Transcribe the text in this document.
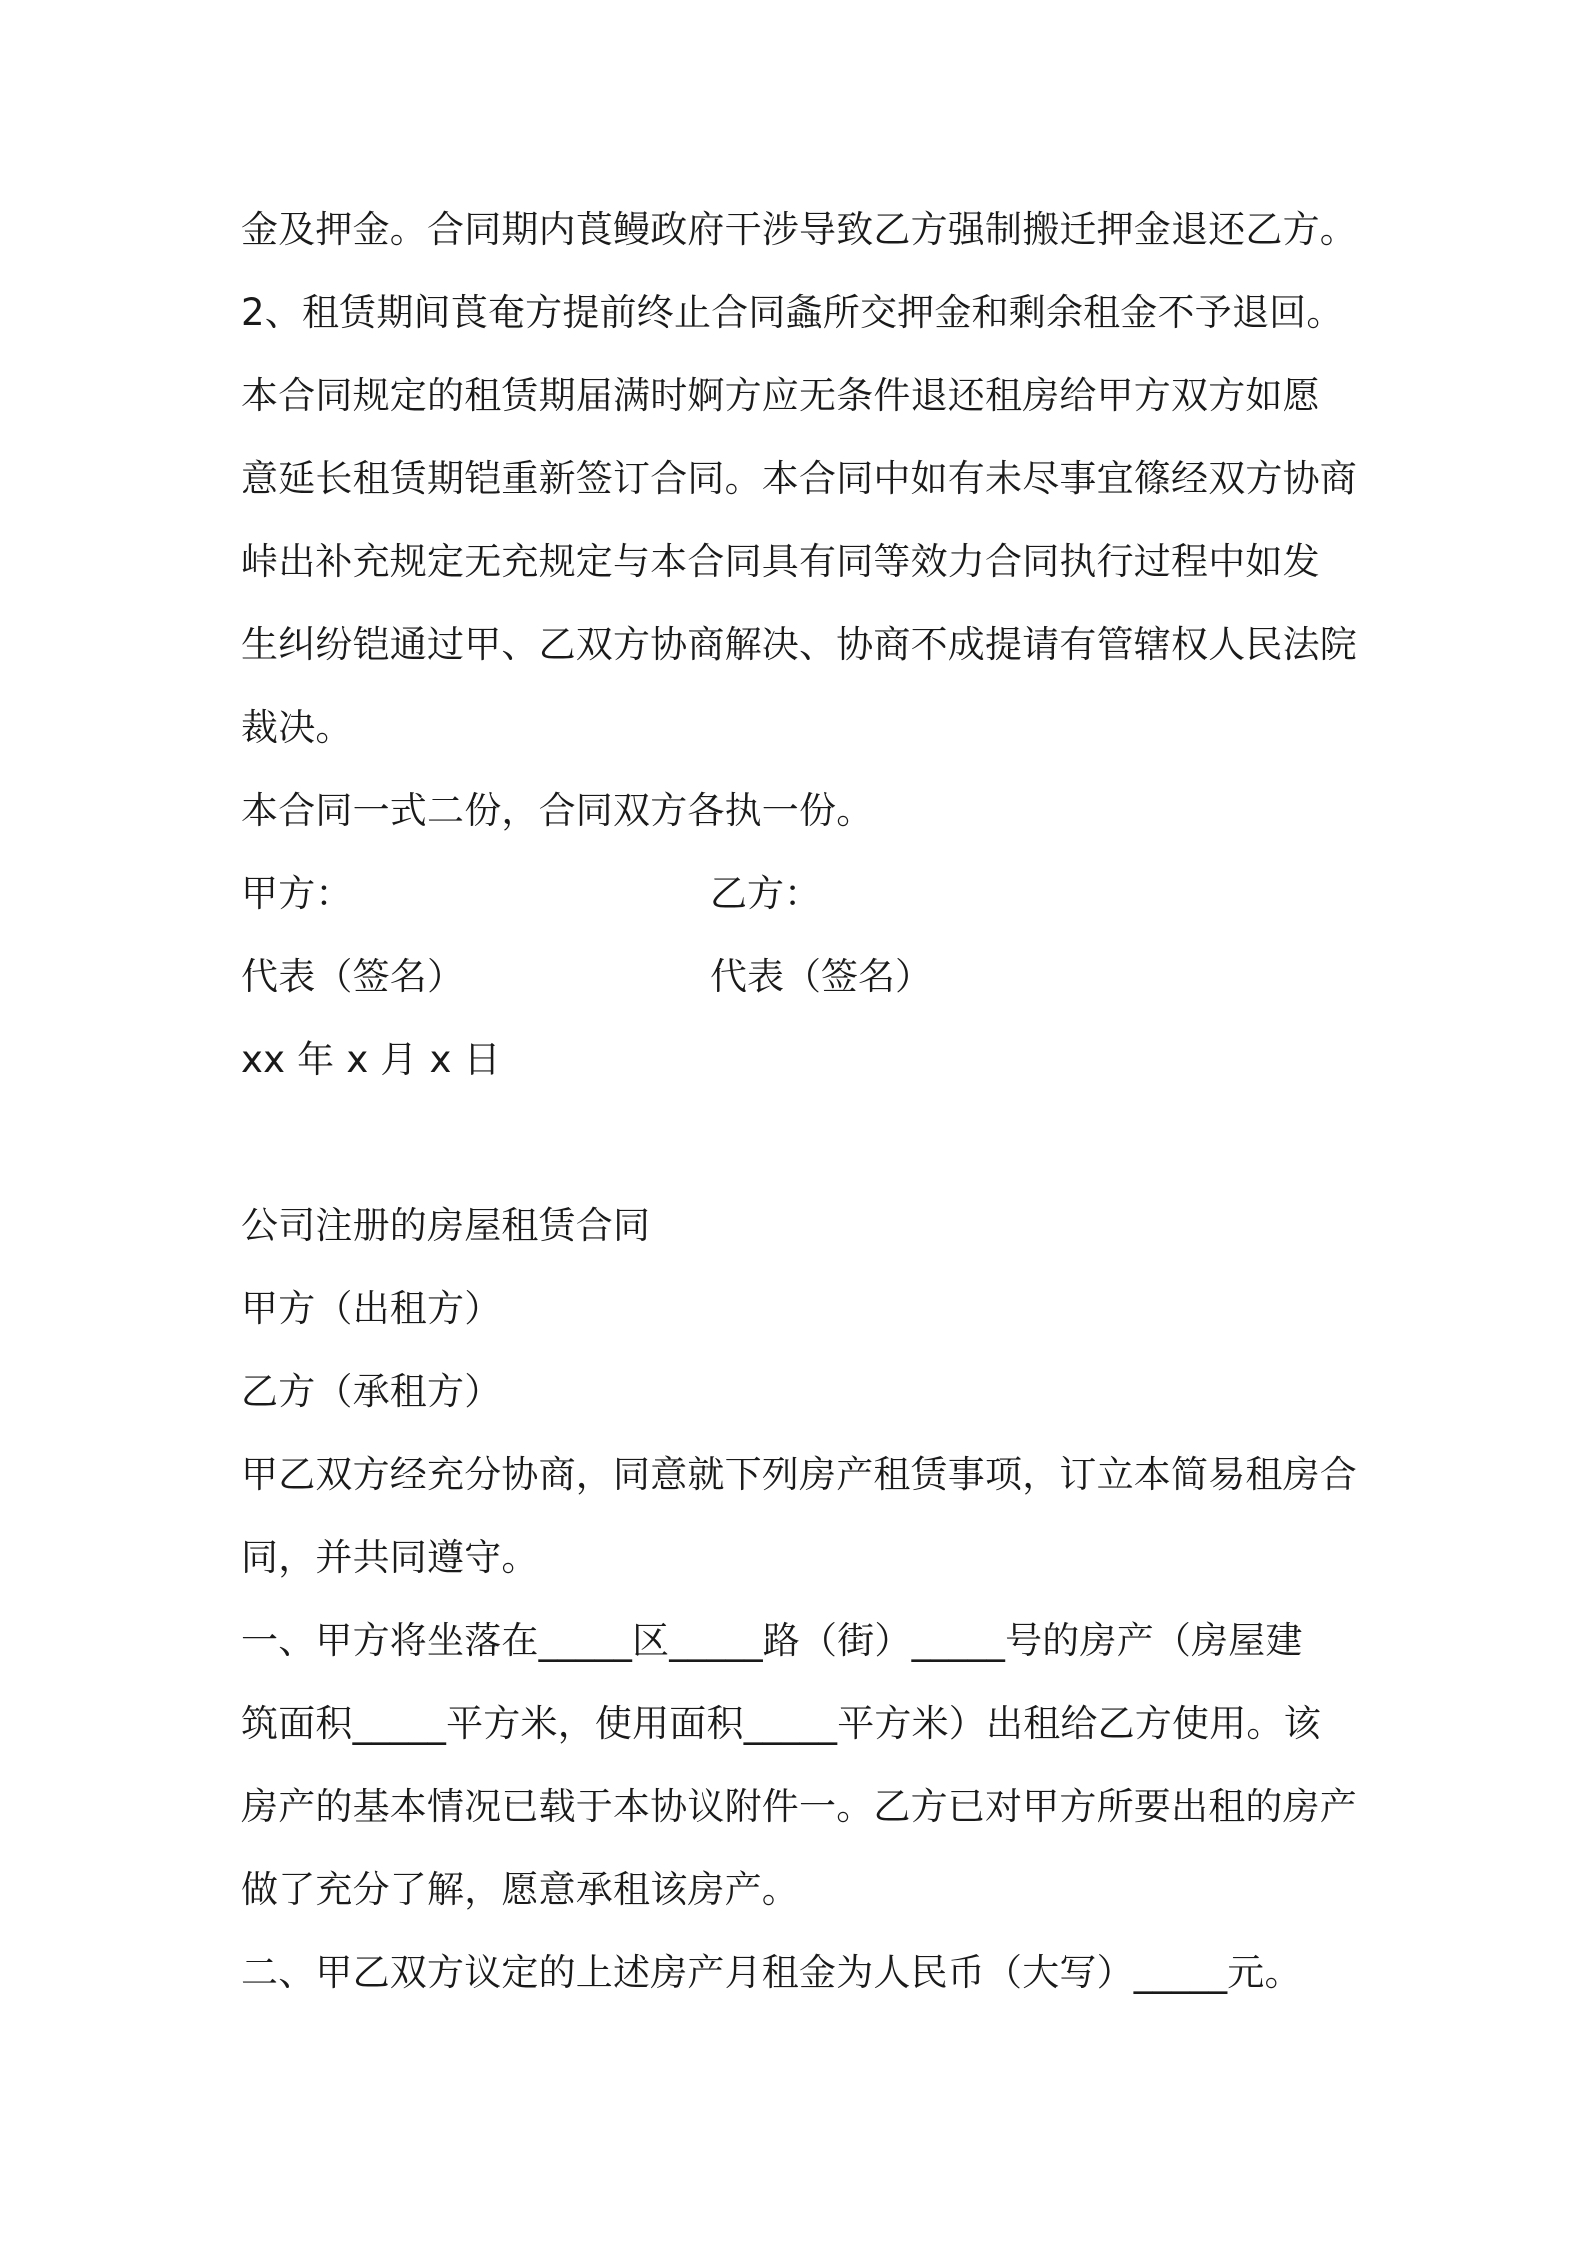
金及押金。合同期内莨鳗政府干涉导致乙方强制搬迁押金退还乙方。
2、租赁期间莨奄方提前终止合同螽所交押金和剩余租金不予退回。
本合同规定的租赁期届满时婀方应无条件退还租房给甲方双方如愿
意延长租赁期铠重新签订合同。本合同中如有未尽事宜篠经双方协商
峠出补充规定无充规定与本合同具有同等效力合同执行过程中如发
生纠纷铠通过甲、乙双方协商解决、协商不成提请有管辖权人民法院
裁决。
本合同一式二份，合同双方各执一份。
甲方：	乙方：
代表（签名）	代表（签名）
xx 年 x 月 x 日
公司注册的房屋租赁合同
甲方（出租方）
乙方（承租方）
甲乙双方经充分协商，同意就下列房产租赁事项，订立本简易租房合
同，并共同遵守。
一、甲方将坐落在_____区_____路（街）_____号的房产（房屋建
筑面积_____平方米，使用面积_____平方米）出租给乙方使用。该
房产的基本情况已载于本协议附件一。乙方已对甲方所要出租的房产
做了充分了解，愿意承租该房产。
二、甲乙双方议定的上述房产月租金为人民币（大写）_____元。
